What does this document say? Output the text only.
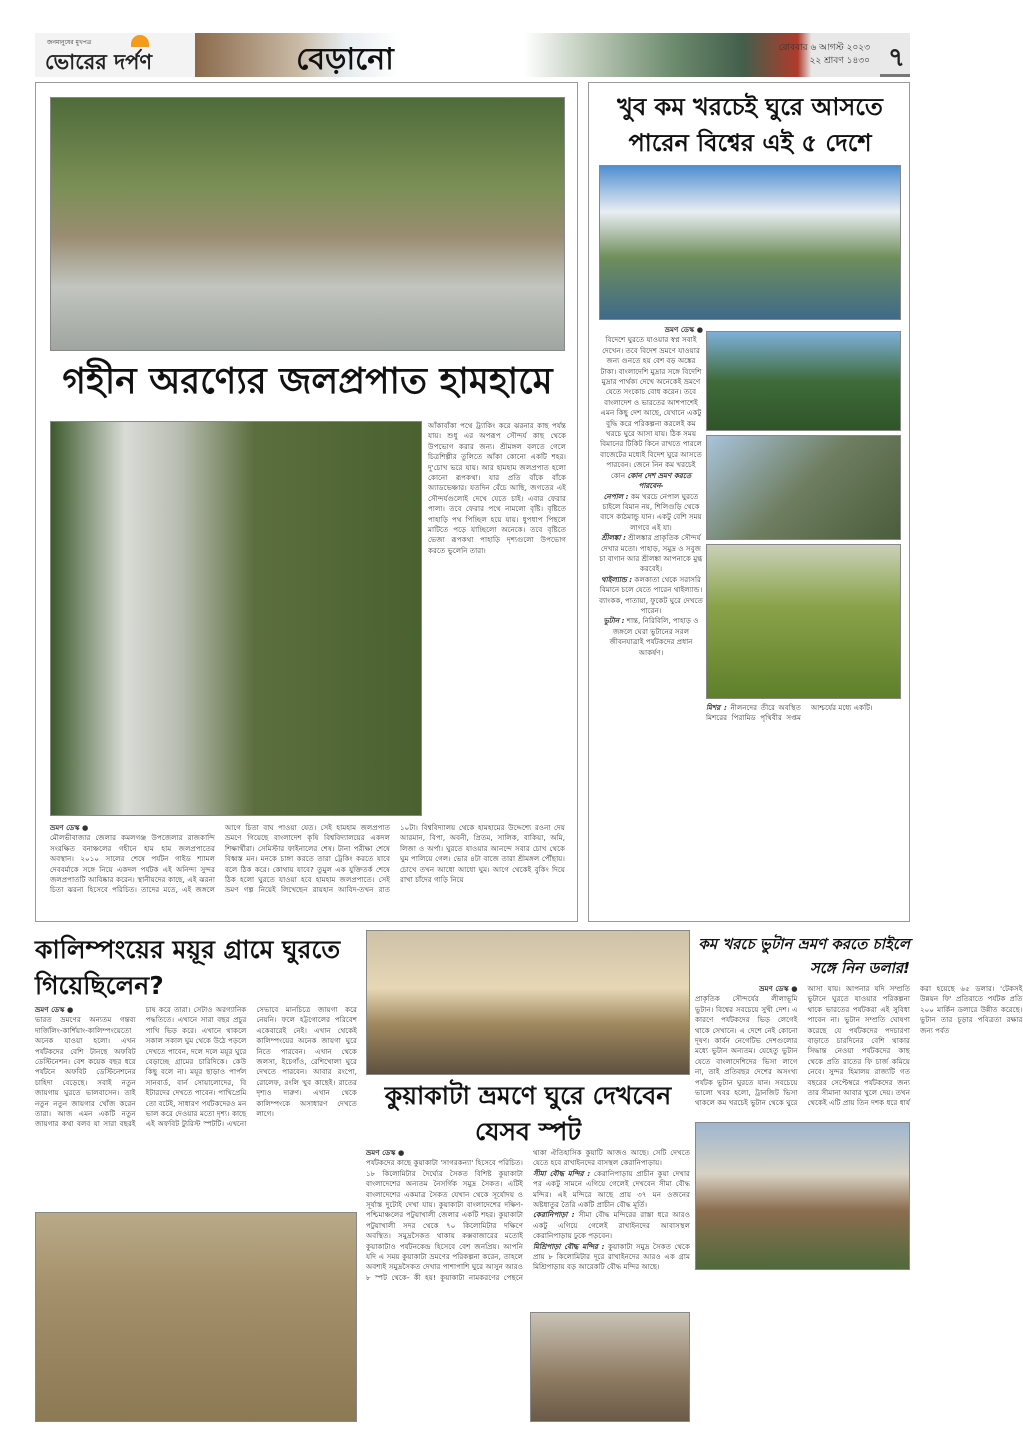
জনমানুষের মুখপত্র
ভোরের দর্পণ	বেড়ানো	রোববার ৬ আগস্ট ২০২৩
২২ শ্রাবণ ১৪৩০ ৭
গহীন অরণ্যের জলপ্রপাত হামহামে
আঁকাবাঁকা পথে ট্র্যাকিং করে ঝরনার কাছ পর্যন্ত যায়। শুধু এর অপরূপ সৌন্দর্য কাছ থেকে উপভোগ করার জন্য। শ্রীমঙ্গল বলতে গেলে চিত্রশিল্পীর তুলিতে আঁকা কোনো একটি শহর। দু'চোখ ভরে যায়। আর হামহাম জলপ্রপাত হলো কোনো রূপকথা। যার প্রতি বাঁকে বাঁকে অ্যাডভেঞ্চার। যতদিন বেঁচে আছি, জগতের এই সৌন্দর্যগুলোই দেখে যেতে চাই। এবার ফেরার পালা। তবে ফেরার পথে নামলো বৃষ্টি। বৃষ্টিতে পাহাড়ি পথ পিচ্ছিল হয়ে যায়। ধুপধাপ পিছলে মাটিতে পড়ে যাচ্ছিলো অনেকে। তবে বৃষ্টিতে ভেজা রূপকথা পাহাড়ি দৃশ্যগুলো উপভোগ করতে ভুলেনি তারা।
ভ্রমণ ডেস্ক ●
মৌলভীবাজার জেলার কমলগঞ্জ উপজেলার রাজকান্দি সংরক্ষিত বনাঞ্চলের গহীনে হাম হাম জলপ্রপাতের অবস্থান। ২০১০ সালের শেষে পর্যটন গাইড শ্যামল দেববর্মাকে সঙ্গে নিয়ে একদল পর্যটক এই অনিন্দ্য সুন্দর জলপ্রপাতটি আবিষ্কার করেন। স্থানীয়দের কাছে, এই ঝরনা চিতা ঝরনা হিসেবে পরিচিত। তাদের মতে, এই জঙ্গলে আগে চিতা বাঘ পাওয়া যেত। সেই হামহাম জলপ্রপাত ভ্রমণে গিয়েছে বাংলাদেশ কৃষি বিশ্ববিদ্যালয়ের একদল শিক্ষার্থীরা। সেমিস্টার ফাইনালের শেষ। টানা পরীক্ষা শেষে বিধ্বস্ত মন। মনকে চাঙ্গা করতে তারা ট্রেকিং করতে যাবে বলে ঠিক করে। কোথায় যাবে? তুমুল এক যুক্তিতর্ক শেষে ঠিক হলো ঘুরতে যাওয়া হবে হামহাম জলপ্রপাতে। সেই ভ্রমণ গল্প নিয়েই লিখেছেন রায়হান আবিদ-তখন রাত ১০টা। বিশ্ববিদ্যালয় থেকে হামহামের উদ্দেশ্যে রওনা দেয় আরমান, বিপা, অবনী, প্রিতম, সালিক, বাকিয়া, অমি, লিজা ও অর্পা। ঘুরতে যাওয়ার আনন্দে সবার চোখ থেকে ঘুম পালিয়ে গেল। ভোর ৪টা বাজে তারা শ্রীমঙ্গল পৌঁছায়। চোখে তখন আধো আধো ঘুম। আগে থেকেই বুকিং দিয়ে রাখা চাঁদের গাড়ি নিয়ে
খুব কম খরচেই ঘুরে আসতে পারেন বিশ্বের এই ৫ দেশে
ভ্রমণ ডেস্ক ●
বিদেশে ঘুরতে যাওয়ার স্বপ্ন সবাই দেখেন। তবে বিদেশ ভ্রমণে যাওয়ার জন্য গুনতে হয় বেশ বড় অঙ্কের টাকা। বাংলাদেশি মুদ্রার সঙ্গে বিদেশি মুদ্রার পার্থক্য দেখে অনেকেই ভ্রমণে যেতে সংকোচ বোধ করেন। তবে বাংলাদেশ ও ভারতের আশপাশেই এমন কিছু দেশ আছে, যেখানে একটু বুদ্ধি করে পরিকল্পনা করলেই কম খরচে ঘুরে আসা যায়। ঠিক সময় বিমানের টিকিট কিনে রাখতে পারলে বাজেটের মধ্যেই বিদেশ ঘুরে আসতে পারবেন। জেনে নিন কম খরচেই কোন কোন দেশ ভ্রমণ করতে পারবেন-
নেপাল : কম খরচে নেপাল ঘুরতে চাইলে বিমান নয়, শিলিগুড়ি থেকে বাসে কাঠমান্ডু যান। একটু বেশি সময় লাগবে এই যা।
শ্রীলঙ্কা : শ্রীলঙ্কার প্রাকৃতিক সৌন্দর্য দেখার মতো। পাহাড়, সমুদ্র ও সবুজ চা বাগান আর শ্রীলঙ্কা আপনাকে মুগ্ধ করবেই।
থাইল্যান্ড : কলকাতা থেকে সরাসরি বিমানে চলে যেতে পারেন থাইল্যান্ড। ব্যাংকক, পাতায়া, ফুকেট ঘুরে দেখতে পারেন।
ভুটান : শান্ত, নিরিবিলি, পাহাড় ও জঙ্গলে ঘেরা ভুটানের সরল জীবনযাত্রাই পর্যটকদের প্রধান আকর্ষণ।
মিশর : নীলনদের তীরে অবস্থিত মিশরের পিরামিড পৃথিবীর সপ্তম আশ্চর্যের মধ্যে একটি।
কালিম্পংয়ের ময়ূর গ্রামে ঘুরতে গিয়েছিলেন?
ভ্রমণ ডেস্ক ●
ভারত ভ্রমণের অন্যতম গন্তব্য দার্জিলিং-কার্শিয়াং-কালিম্পংয়েতো অনেক যাওয়া হলো। এখন পর্যটকদের বেশি টানছে অফবিট ডেস্টিনেশন। বেশ কয়েক বছর ধরে পর্যটনে অফবিট ডেস্টিনেশনের চাহিদা বেড়েছে। সবাই নতুন জায়গায় ঘুরতে ভালবাসেন। তাই নতুন নতুন জায়গার খোঁজ করেন তারা। আজ এমন একটি নতুন জায়গার কথা বলব যা সারা বছরই চাষ করে তারা। সেটাও অরগ্যানিক পদ্ধতিতে। এখানে সারা বছর প্রচুর পাখি ভিড় করে। এখানে থাকলে সকাল সকাল ঘুম থেকে উঠে পড়লে দেখতে পাবেন, দলে দলে ময়ূর ঘুরে বেড়াচ্ছে গ্রামের চারিদিকে। কেউ কিছু বলে না। ময়ূর ছাড়াও পার্পল সানবার্ড, বার্ন সোয়ালোদের, বি ইটারদের দেখতে পাবেন। পাখিপ্রেমি তো বটেই, সাধারণ পর্যটকদেরও মন ভাল করে দেওয়ার মতো দৃশ্য। কাছে এই অফবিট ট্যুরিস্ট স্পটটি। এখনো সেভাবে মানচিত্রে জায়গা করে নেয়নি। ফলে হট্টগোলের পরিবেশ একেবারেই নেই। এখান থেকেই কালিম্পংয়ের অনেক জায়গা ঘুরে নিতে পারবেন। এখান থেকে জলসা, ইচেগাঁও, রেশিখোলা ঘুরে দেখতে পারবেন। আবার রংপো, রোলেফ, রংলি খুব কাছেই। রাতের দৃশ্যও দারুণ। এখান থেকে কালিম্পংকে অসাধারণ দেখতে লাগে।
কুয়াকাটা ভ্রমণে ঘুরে দেখবেন যেসব স্পট
ভ্রমণ ডেস্ক ●
পর্যটকদের কাছে কুয়াকাটা 'সাগরকন্যা' হিসেবে পরিচিত। ১৮ কিলোমিটার দৈর্ঘ্যের সৈকত বিশিষ্ট কুয়াকাটা বাংলাদেশের অন্যতম নৈসর্গিক সমুদ্র সৈকত। এটিই বাংলাদেশের একমাত্র সৈকত যেখান থেকে সূর্যোদয় ও সূর্যাস্ত দুটোই দেখা যায়। কুয়াকাটা বাংলাদেশের দক্ষিণ-পশ্চিমাঞ্চলের পটুয়াখালী জেলার একটি শহর। কুয়াকাটা পটুয়াখালী সদর থেকে ৭০ কিলোমিটার দক্ষিণে অবস্থিত। সমুদ্রসৈকত থাকায় কক্সবাজারের মতোই কুয়াকাটাও পর্যটনকেন্দ্র হিসেবে বেশ জনপ্রিয়। আপনি যদি এ সময় কুয়াকাটা ভ্রমণের পরিকল্পনা করেন, তাহলে অবশ্যই সমুদ্রসৈকত দেখার পাশাপাশি ঘুরে আসুন আরও ৮ স্পট থেকে- কী হয়! কুয়াকাটা নামকরণের পেছনে থাকা ঐতিহাসিক কুয়াটি আজও আছে। সেটি দেখতে যেতে হবে রাখাইনদের বাসস্থল কেরানিপাড়ায়।
সীমা বৌদ্ধ মন্দির : কেরানিপাড়ায় প্রাচীন কুয়া দেখার পর একটু সামনে এগিয়ে গেলেই দেখবেন সীমা বৌদ্ধ মন্দির। এই মন্দিরে আছে প্রায় ৩৭ মন ওজনের অষ্টধাতুর তৈরি একটি প্রাচীন বৌদ্ধ মূর্তি।
কেরানিপাড়া : সীমা বৌদ্ধ মন্দিরের রাস্তা ধরে আরও একটু এগিয়ে গেলেই রাখাইনদের আবাসস্থল কেরানিপাড়ায় ঢুকে পড়বেন।
মিশ্রিপাড়া বৌদ্ধ মন্দির : কুয়াকাটা সমুদ্র সৈকত থেকে প্রায় ৮ কিলোমিটার দূরে রাখাইনদের আরও এক গ্রাম মিশ্রিপাড়ায় বড় আরেকটি বৌদ্ধ মন্দির আছে।
কম খরচে ভুটান ভ্রমণ করতে চাইলে সঙ্গে নিন ডলার!
ভ্রমণ ডেস্ক ●
প্রাকৃতিক সৌন্দর্যের লীলাভূমি ভুটান। বিশ্বের সবচেয়ে সুখী দেশ। এ কারণে পর্যটকদের ভিড় লেগেই থাকে সেখানে। এ দেশে নেই কোনো দূষণ। কার্বন নেগেটিভ দেশগুলোর মধ্যে ভুটান অন্যতম। যেহেতু ভুটান যেতে বাংলাদেশিদের ভিসা লাগে না, তাই প্রতিবছর দেশের অসংখ্য পর্যটক ভুটান ঘুরতে যান। সবচেয়ে ভালো খবর হলো, ট্রানজিট ভিসা থাকলে কম খরচেই ভুটান থেকে ঘুরে আসা যায়। আপনার যদি সম্প্রতি ভুটানে ঘুরতে যাওয়ার পরিকল্পনা থাকে ভারতের পর্যটকরা এই সুবিধা পাবেন না। ভুটান সম্প্রতি ঘোষণা করেছে যে পর্যটকদের পদচারণা বাড়াতে চারদিনের বেশি থাকার সিদ্ধান্ত নেওয়া পর্যটকদের কাছ থেকে প্রতি রাতের ফি চার্জ কমিয়ে নেবে। সুন্দর হিমালয় রাজ্যটি গত বছরের সেপ্টেম্বরে পর্যটকদের জন্য তার সীমানা আবার খুলে দেয়। তখন থেকেই এটি প্রায় তিন দশক ধরে ধার্য করা হয়েছে ৬৫ ডলার। 'টেকসই উন্নয়ন ফি' প্রতিরাতে পর্যটক প্রতি ২০০ মার্কিন ডলারে উন্নীত করেছে। ভুটান তার চূড়ার পবিত্রতা রক্ষার জন্য পর্বত
